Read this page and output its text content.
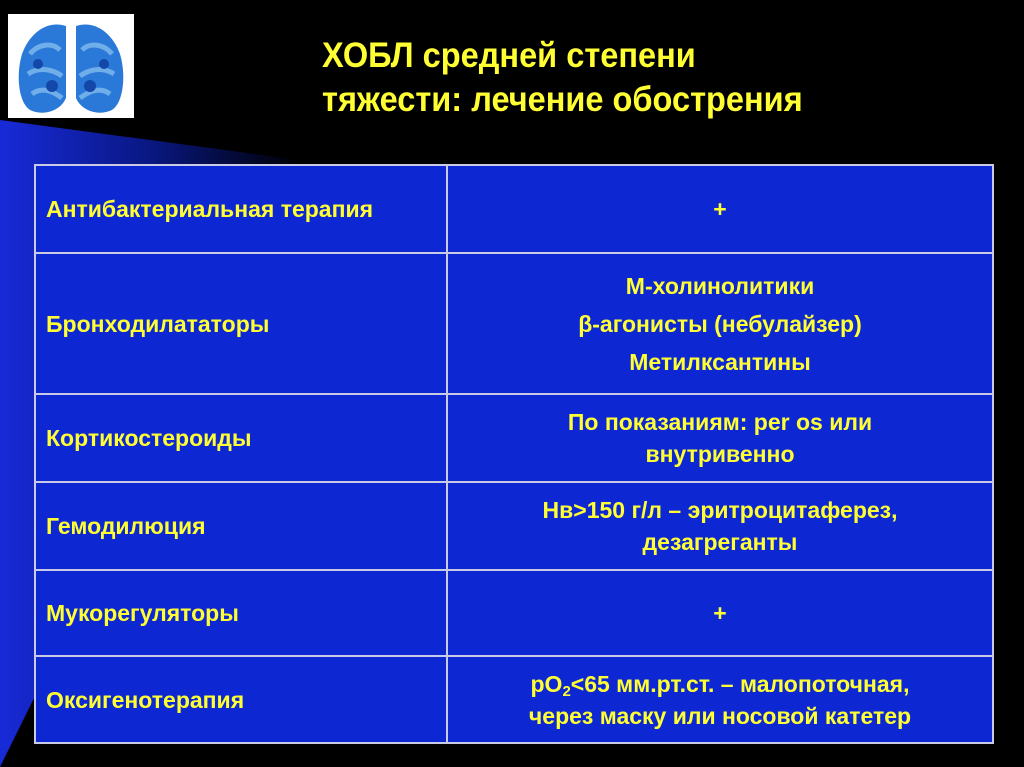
ХОБЛ средней степени
тяжести: лечение обострения
Антибактериальная терапия	+

Бронходилататоры	М-холинолитики
β-агонисты (небулайзер)
Метилксантины

Кортикостероиды	По показаниям: per os или
внутривенно

Гемодилюция	Нв>150 г/л – эритроцитаферез,
дезагреганты

Мукорегуляторы	+

Оксигенотерапия	$рО_2<65$ мм.рт.ст. – малопоточная,
через маску или носовой катетер
